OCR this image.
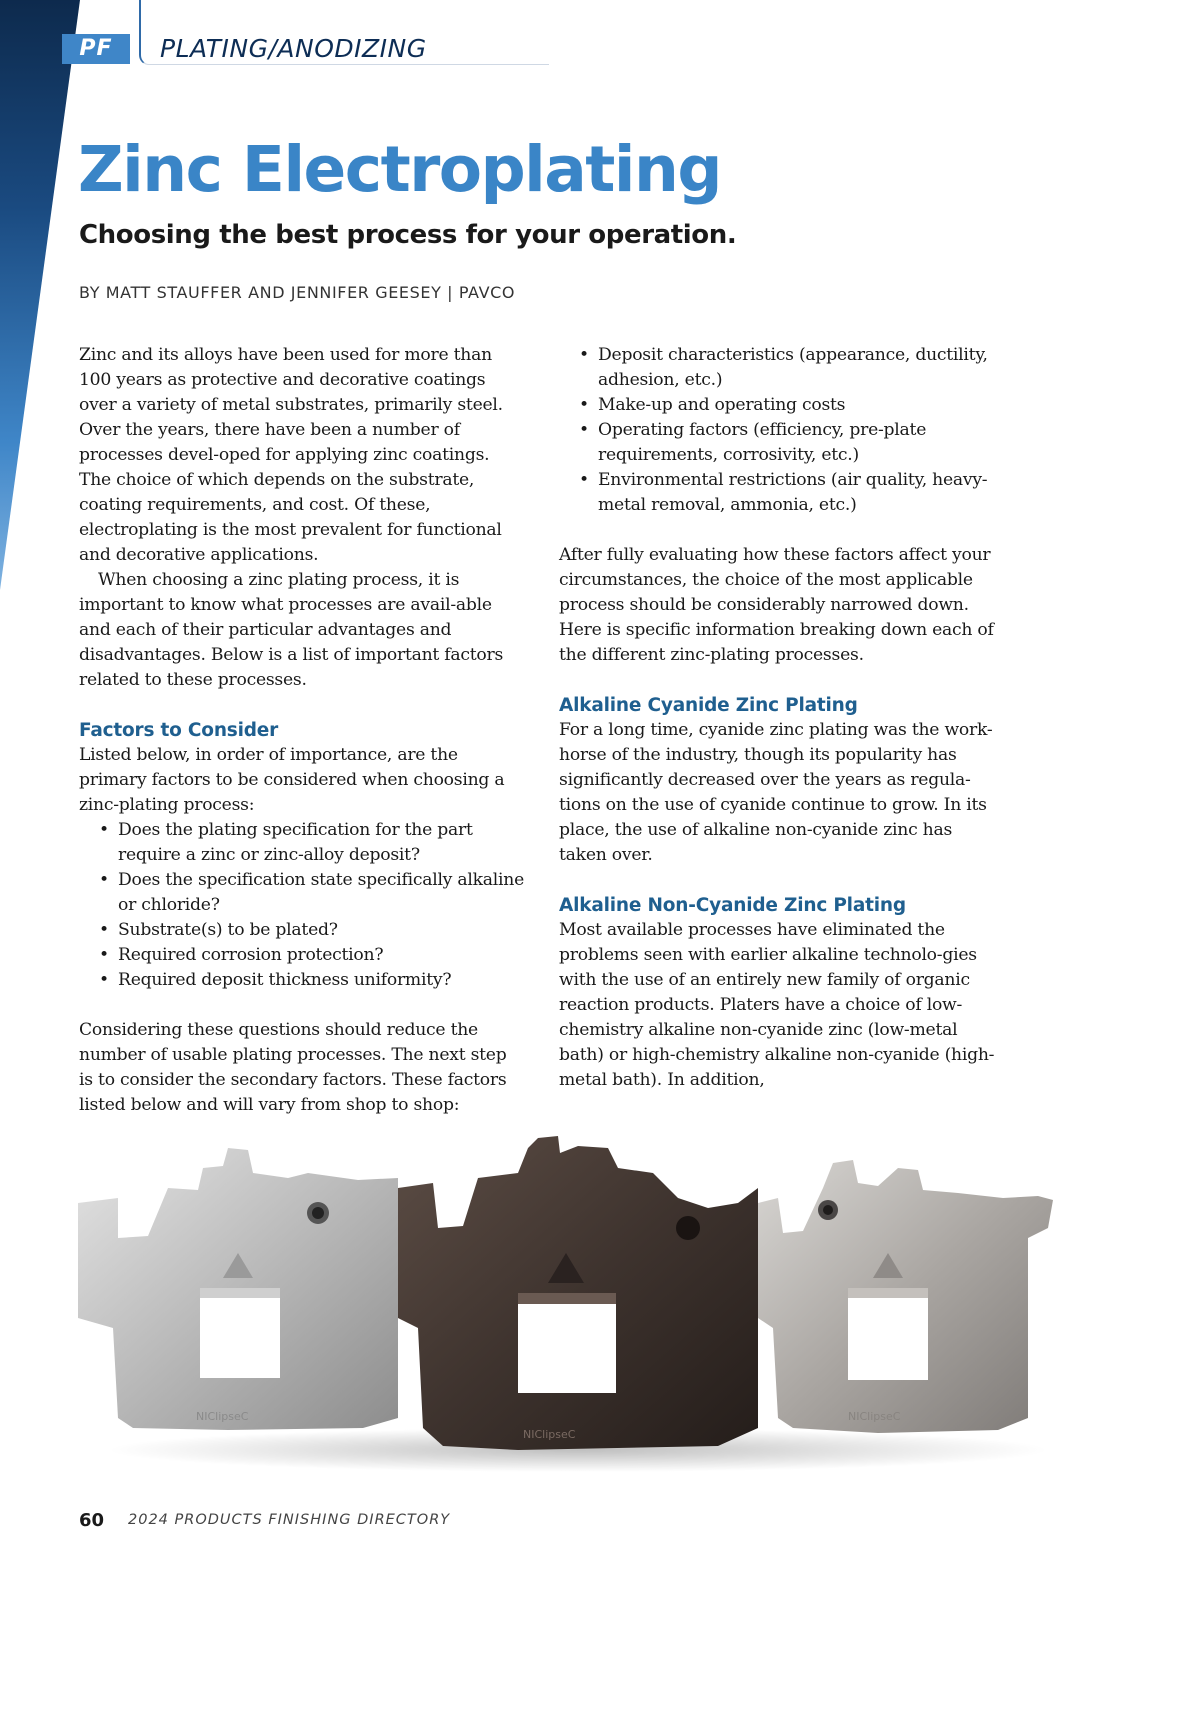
PF	PLATING/ANODIZING
Zinc Electroplating
Choosing the best process for your operation.
BY MATT STAUFFER AND JENNIFER GEESEY | PAVCO

Zinc and its alloys have been used for more than 100 years as protective and decorative coatings over a variety of metal substrates, primarily steel. Over the years, there have been a number of processes devel-oped for applying zinc coatings. The choice of which depends on the substrate, coating requirements, and cost. Of these, electroplating is the most prevalent for functional and decorative applications.

When choosing a zinc plating process, it is important to know what processes are avail-able and each of their particular advantages and disadvantages. Below is a list of important factors related to these processes.

Factors to Consider

Listed below, in order of importance, are the primary factors to be considered when choosing a zinc-plating process:

• Does the plating specification for the part require a zinc or zinc-alloy deposit?
• Does the specification state specifically alkaline or chloride?
• Substrate(s) to be plated?
• Required corrosion protection?
• Required deposit thickness uniformity?

Considering these questions should reduce the number of usable plating processes. The next step is to consider the secondary factors. These factors listed below and will vary from shop to shop:

• Deposit characteristics (appearance, ductility, adhesion, etc.)
• Make-up and operating costs
• Operating factors (efficiency, pre-plate requirements, corrosivity, etc.)
• Environmental restrictions (air quality, heavy-metal removal, ammonia, etc.)

After fully evaluating how these factors affect your circumstances, the choice of the most applicable process should be considerably narrowed down. Here is specific information breaking down each of the different zinc-plating processes.

Alkaline Cyanide Zinc Plating

For a long time, cyanide zinc plating was the work-horse of the industry, though its popularity has significantly decreased over the years as regula-tions on the use of cyanide continue to grow. In its place, the use of alkaline non-cyanide zinc has taken over.

Alkaline Non-Cyanide Zinc Plating

Most available processes have eliminated the problems seen with earlier alkaline technolo-gies with the use of an entirely new family of organic reaction products. Platers have a choice of low-chemistry alkaline non-cyanide zinc (low-metal bath) or high-chemistry alkaline non-cyanide (high-metal bath). In addition,

NIClipseC
NIClipseC
NIClipseC
60 2024 PRODUCTS FINISHING DIRECTORY
